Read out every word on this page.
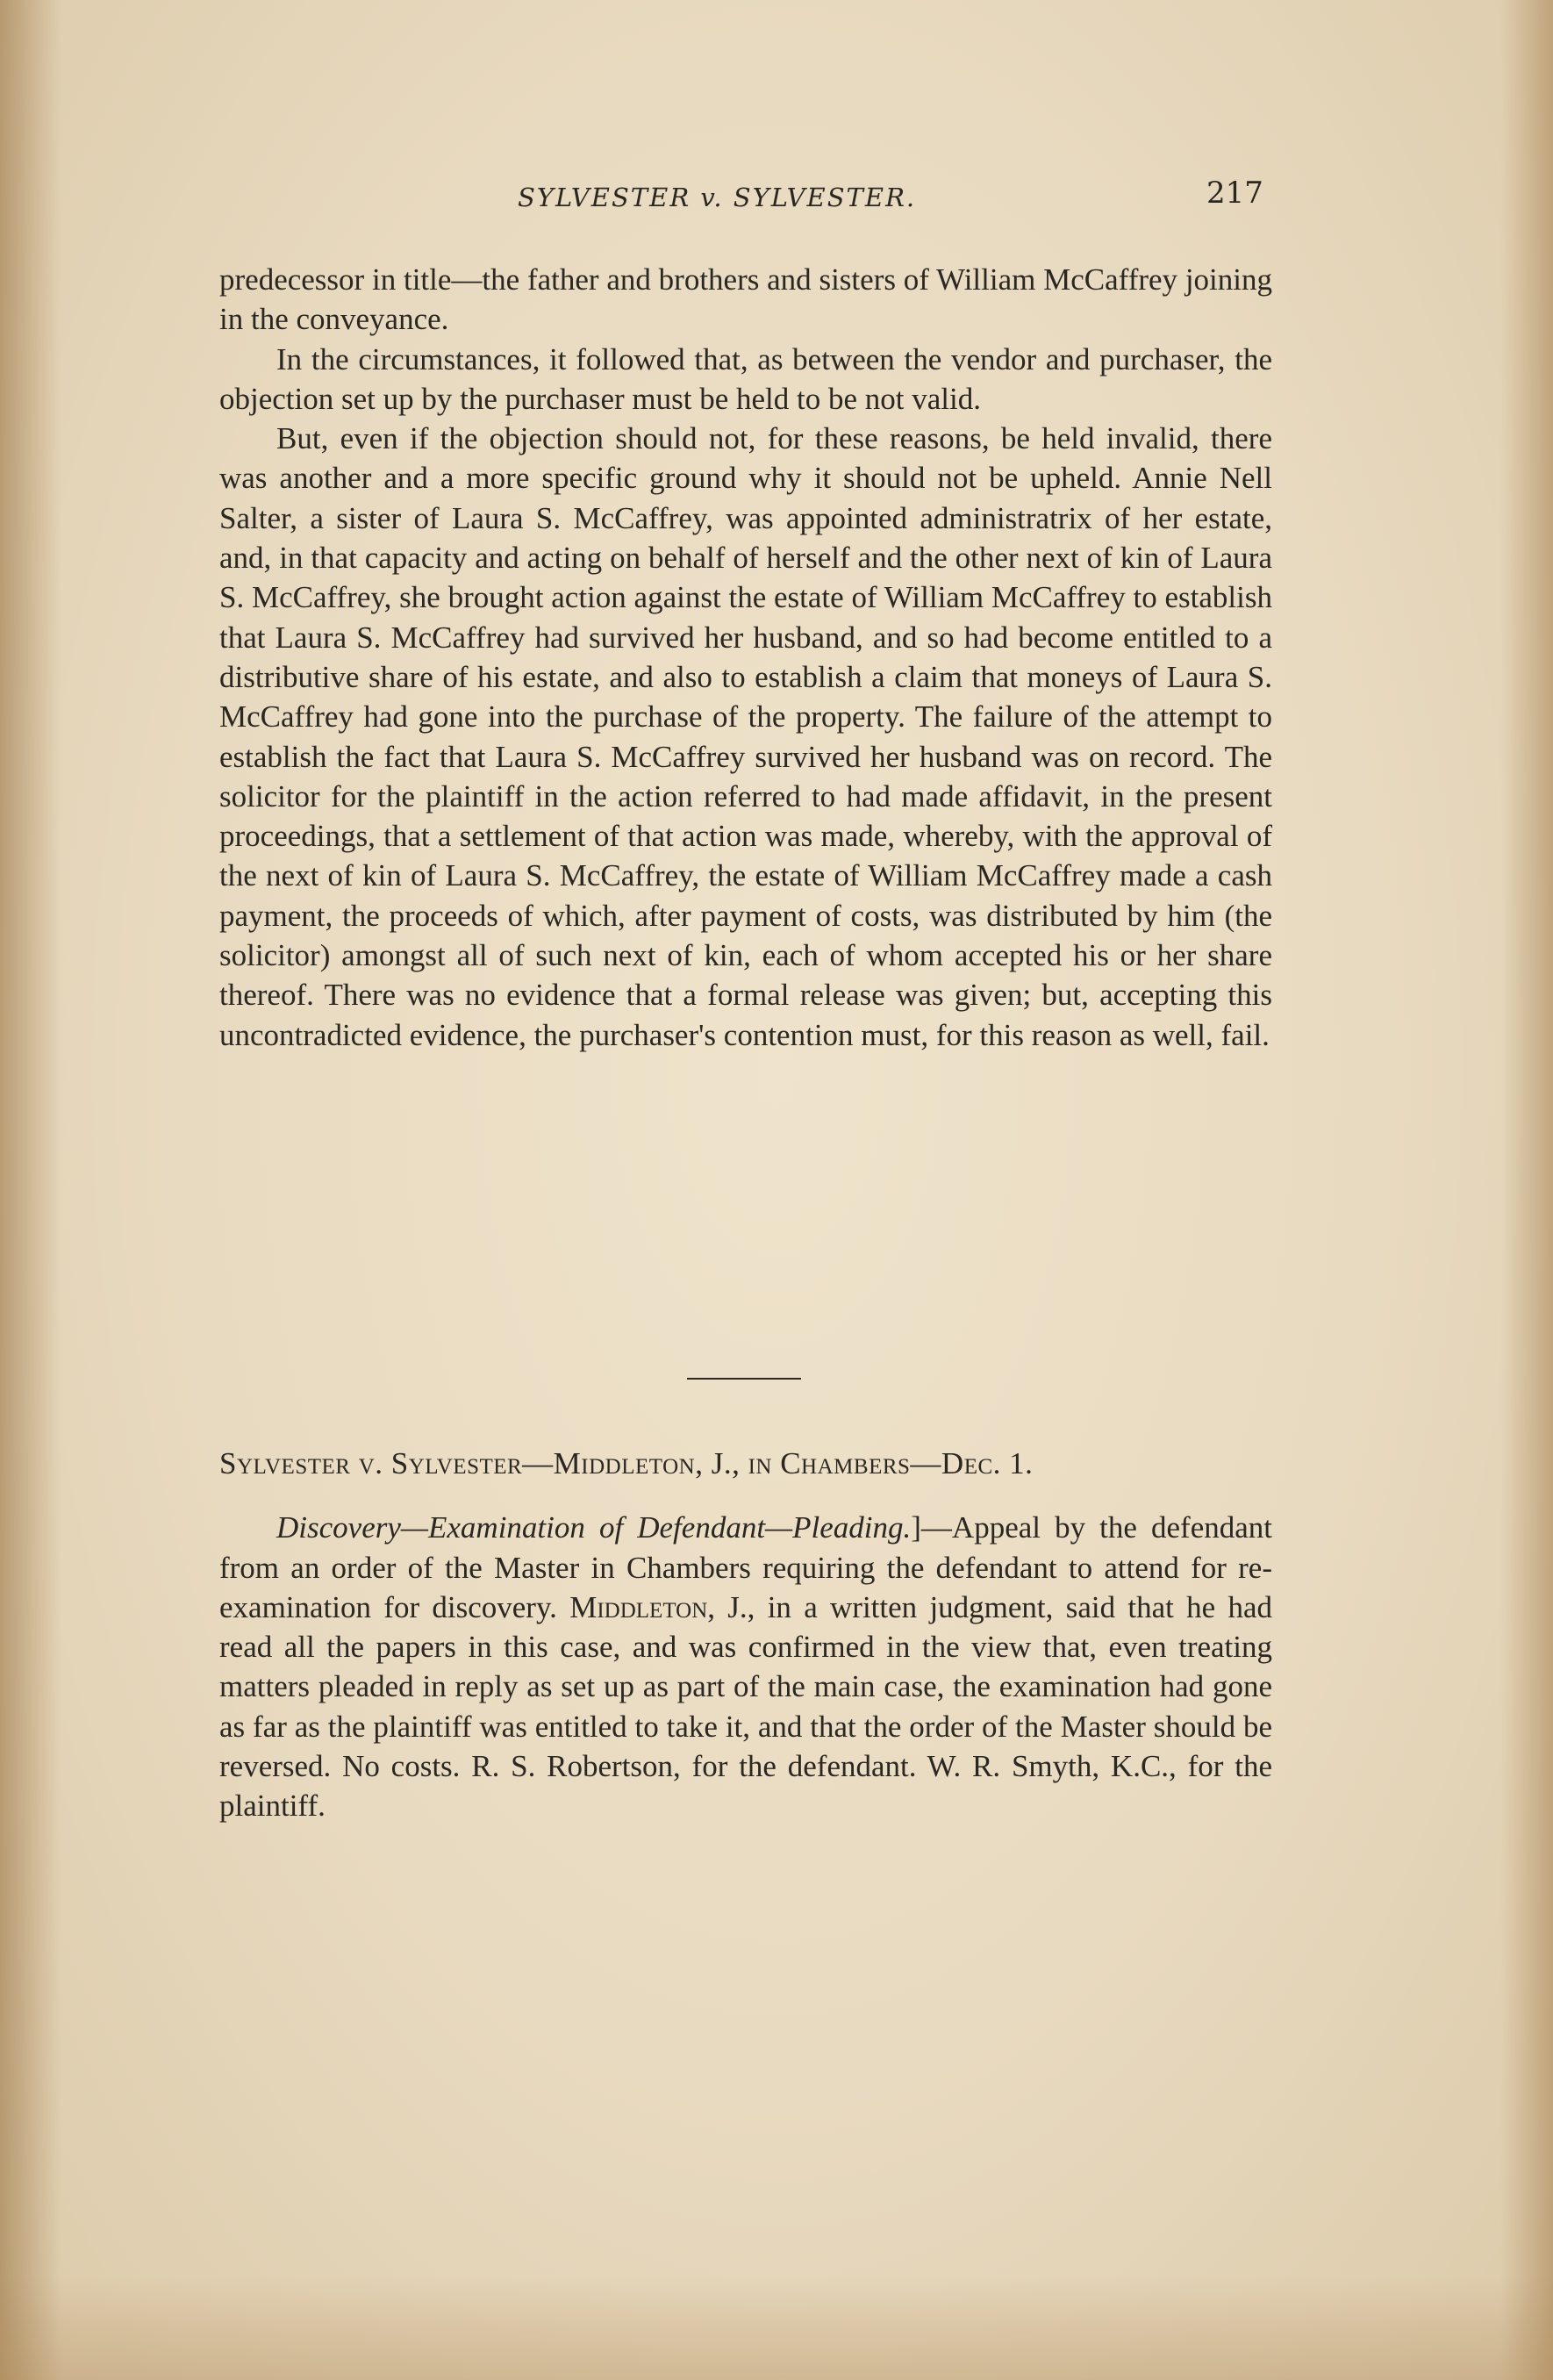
SYLVESTER v. SYLVESTER.	217

predecessor in title—the father and brothers and sisters of William McCaffrey joining in the conveyance.

In the circumstances, it followed that, as between the vendor and purchaser, the objection set up by the purchaser must be held to be not valid.

But, even if the objection should not, for these reasons, be held invalid, there was another and a more specific ground why it should not be upheld. Annie Nell Salter, a sister of Laura S. McCaffrey, was appointed administratrix of her estate, and, in that capacity and acting on behalf of herself and the other next of kin of Laura S. McCaffrey, she brought action against the estate of William McCaffrey to establish that Laura S. McCaffrey had survived her husband, and so had become entitled to a distributive share of his estate, and also to establish a claim that moneys of Laura S. McCaffrey had gone into the purchase of the property. The failure of the attempt to establish the fact that Laura S. McCaffrey survived her husband was on record. The solicitor for the plaintiff in the action referred to had made affidavit, in the present proceedings, that a settlement of that action was made, whereby, with the approval of the next of kin of Laura S. McCaffrey, the estate of William McCaffrey made a cash payment, the proceeds of which, after payment of costs, was distributed by him (the solicitor) amongst all of such next of kin, each of whom accepted his or her share thereof. There was no evidence that a formal release was given; but, accepting this uncontradicted evidence, the purchaser's contention must, for this reason as well, fail.

Sylvester v. Sylvester—Middleton, J., in Chambers—Dec. 1.

Discovery—Examination of Defendant—Pleading.]—Appeal by the defendant from an order of the Master in Chambers requiring the defendant to attend for re-examination for discovery. Middleton, J., in a written judgment, said that he had read all the papers in this case, and was confirmed in the view that, even treating matters pleaded in reply as set up as part of the main case, the examination had gone as far as the plaintiff was entitled to take it, and that the order of the Master should be reversed. No costs. R. S. Robertson, for the defendant. W. R. Smyth, K.C., for the plaintiff.
